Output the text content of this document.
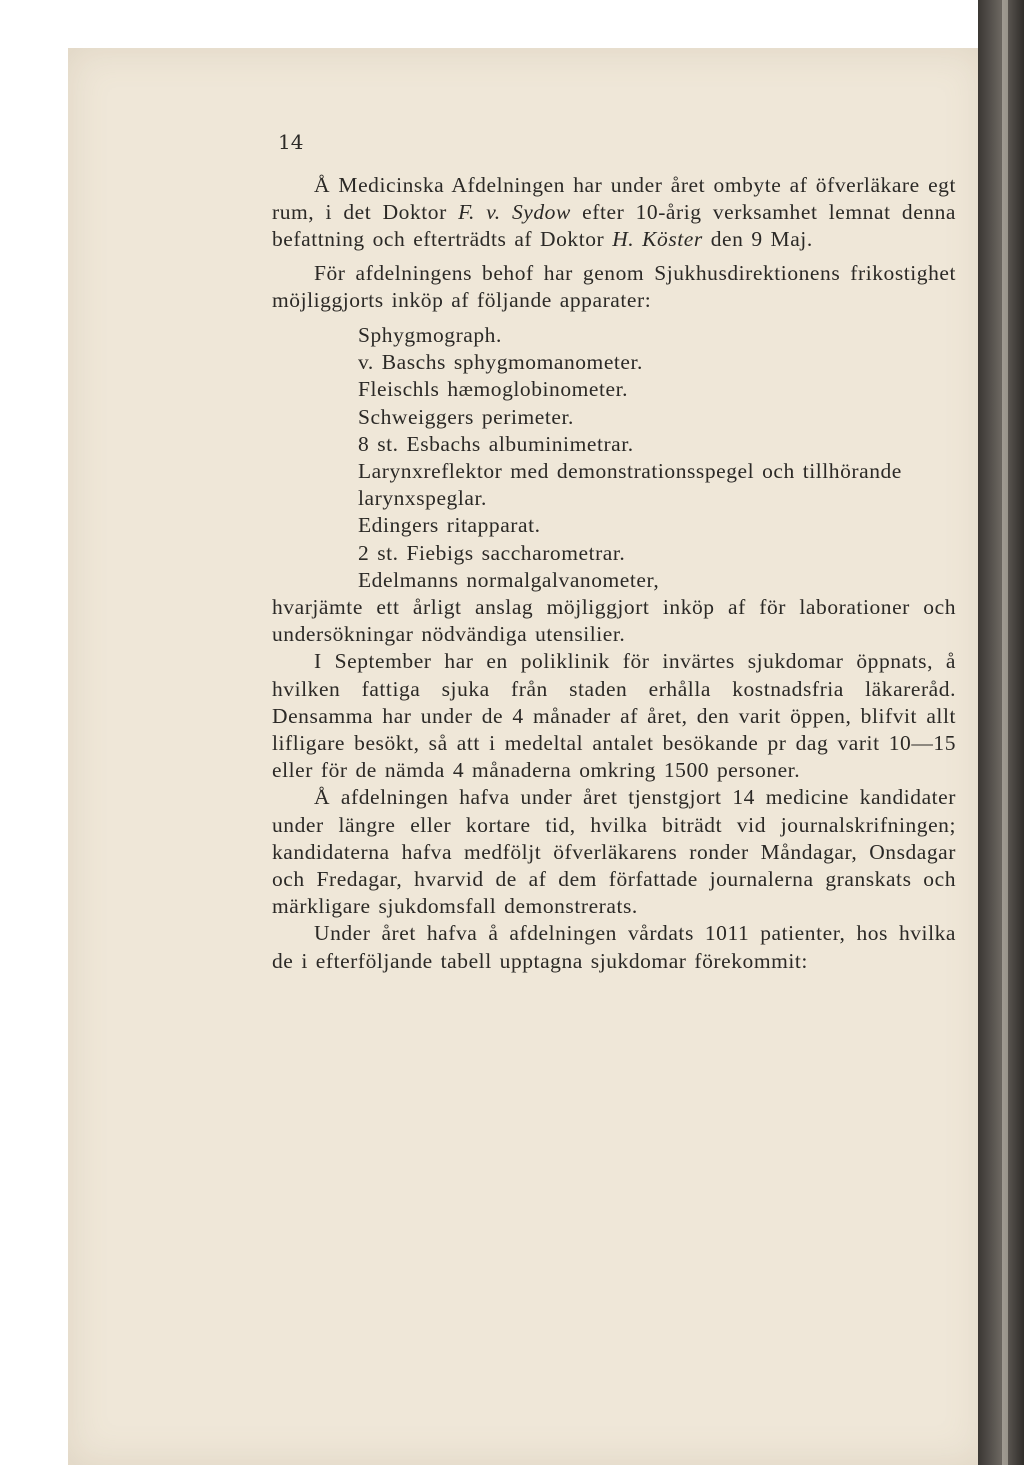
14

Å Medicinska Afdelningen har under året ombyte af öfverläkare egt rum, i det Doktor F. v. Sydow efter 10-årig verksamhet lemnat denna befattning och efterträdts af Doktor H. Köster den 9 Maj.

För afdelningens behof har genom Sjukhusdirektionens frikostighet möjliggjorts inköp af följande apparater:

Sphygmograph.
v. Baschs sphygmomanometer.
Fleischls hæmoglobinometer.
Schweiggers perimeter.
8 st. Esbachs albuminimetrar.
Larynxreflektor med demonstrationsspegel och tillhörande larynxspeglar.
Edingers ritapparat.
2 st. Fiebigs saccharometrar.
Edelmanns normalgalvanometer,

hvarjämte ett årligt anslag möjliggjort inköp af för laborationer och undersökningar nödvändiga utensilier.

I September har en poliklinik för invärtes sjukdomar öppnats, å hvilken fattiga sjuka från staden erhålla kostnadsfria läkareråd. Densamma har under de 4 månader af året, den varit öppen, blifvit allt lifligare besökt, så att i medeltal antalet besökande pr dag varit 10—15 eller för de nämda 4 månaderna omkring 1500 personer.

Å afdelningen hafva under året tjenstgjort 14 medicine kandidater under längre eller kortare tid, hvilka biträdt vid journalskrifningen; kandidaterna hafva medföljt öfverläkarens ronder Måndagar, Onsdagar och Fredagar, hvarvid de af dem författade journalerna granskats och märkligare sjukdomsfall demonstrerats.

Under året hafva å afdelningen vårdats 1011 patienter, hos hvilka de i efterföljande tabell upptagna sjukdomar förekommit:
